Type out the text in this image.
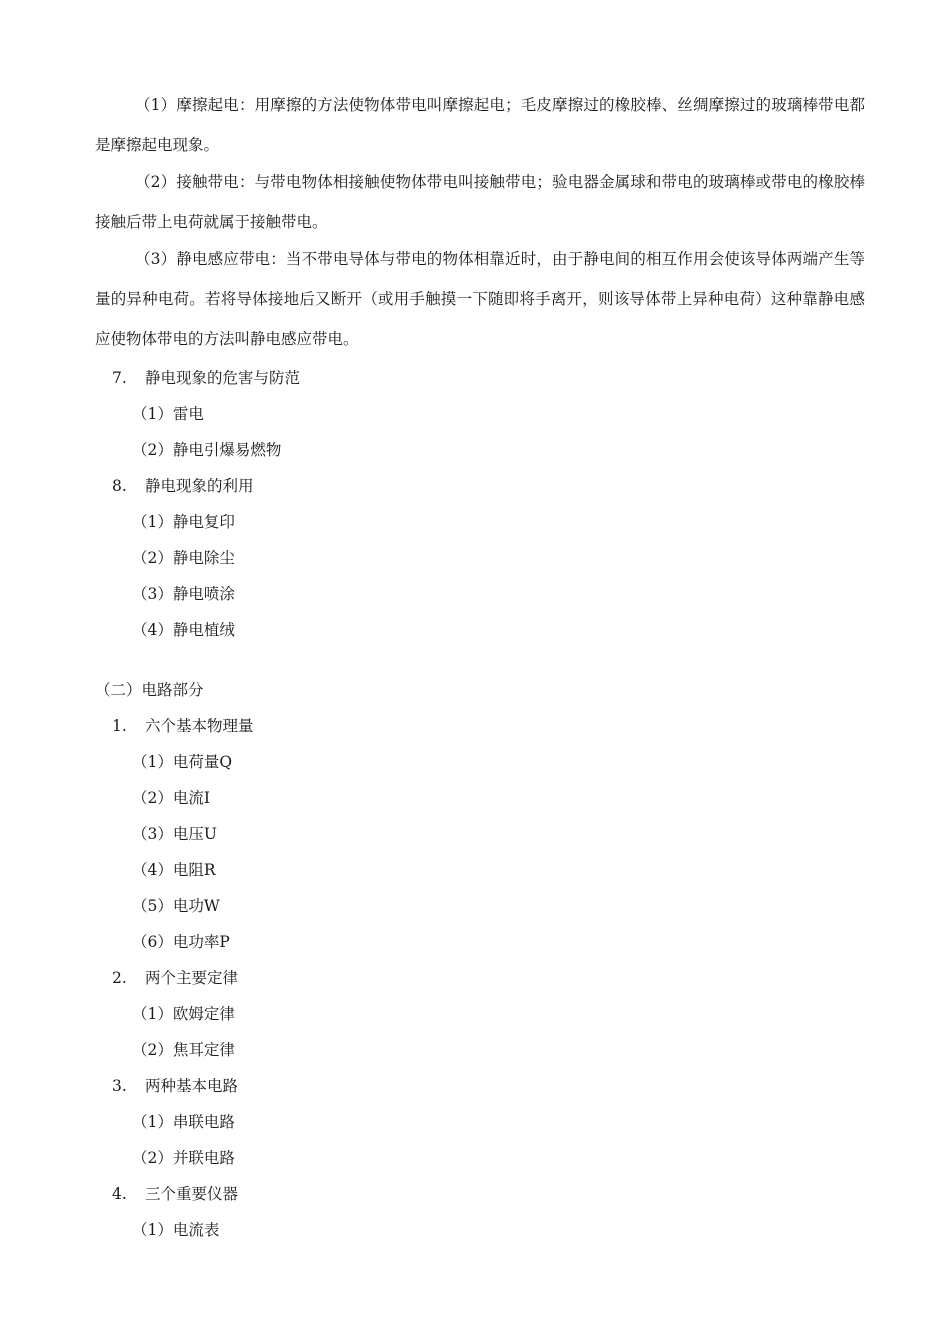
（1）摩擦起电：用摩擦的方法使物体带电叫摩擦起电；毛皮摩擦过的橡胶棒、丝绸摩擦过的玻璃棒带电都是摩擦起电现象。
（2）接触带电：与带电物体相接触使物体带电叫接触带电；验电器金属球和带电的玻璃棒或带电的橡胶棒接触后带上电荷就属于接触带电。
（3）静电感应带电：当不带电导体与带电的物体相靠近时，由于静电间的相互作用会使该导体两端产生等量的异种电荷。若将导体接地后又断开（或用手触摸一下随即将手离开，则该导体带上异种电荷）这种靠静电感应使物体带电的方法叫静电感应带电。
7. 静电现象的危害与防范
（1）雷电
（2）静电引爆易燃物
8. 静电现象的利用
（1）静电复印
（2）静电除尘
（3）静电喷涂
（4）静电植绒
（二）电路部分
1. 六个基本物理量
（1）电荷量Q
（2）电流I
（3）电压U
（4）电阻R
（5）电功W
（6）电功率P
2. 两个主要定律
（1）欧姆定律
（2）焦耳定律
3. 两种基本电路
（1）串联电路
（2）并联电路
4. 三个重要仪器
（1）电流表
